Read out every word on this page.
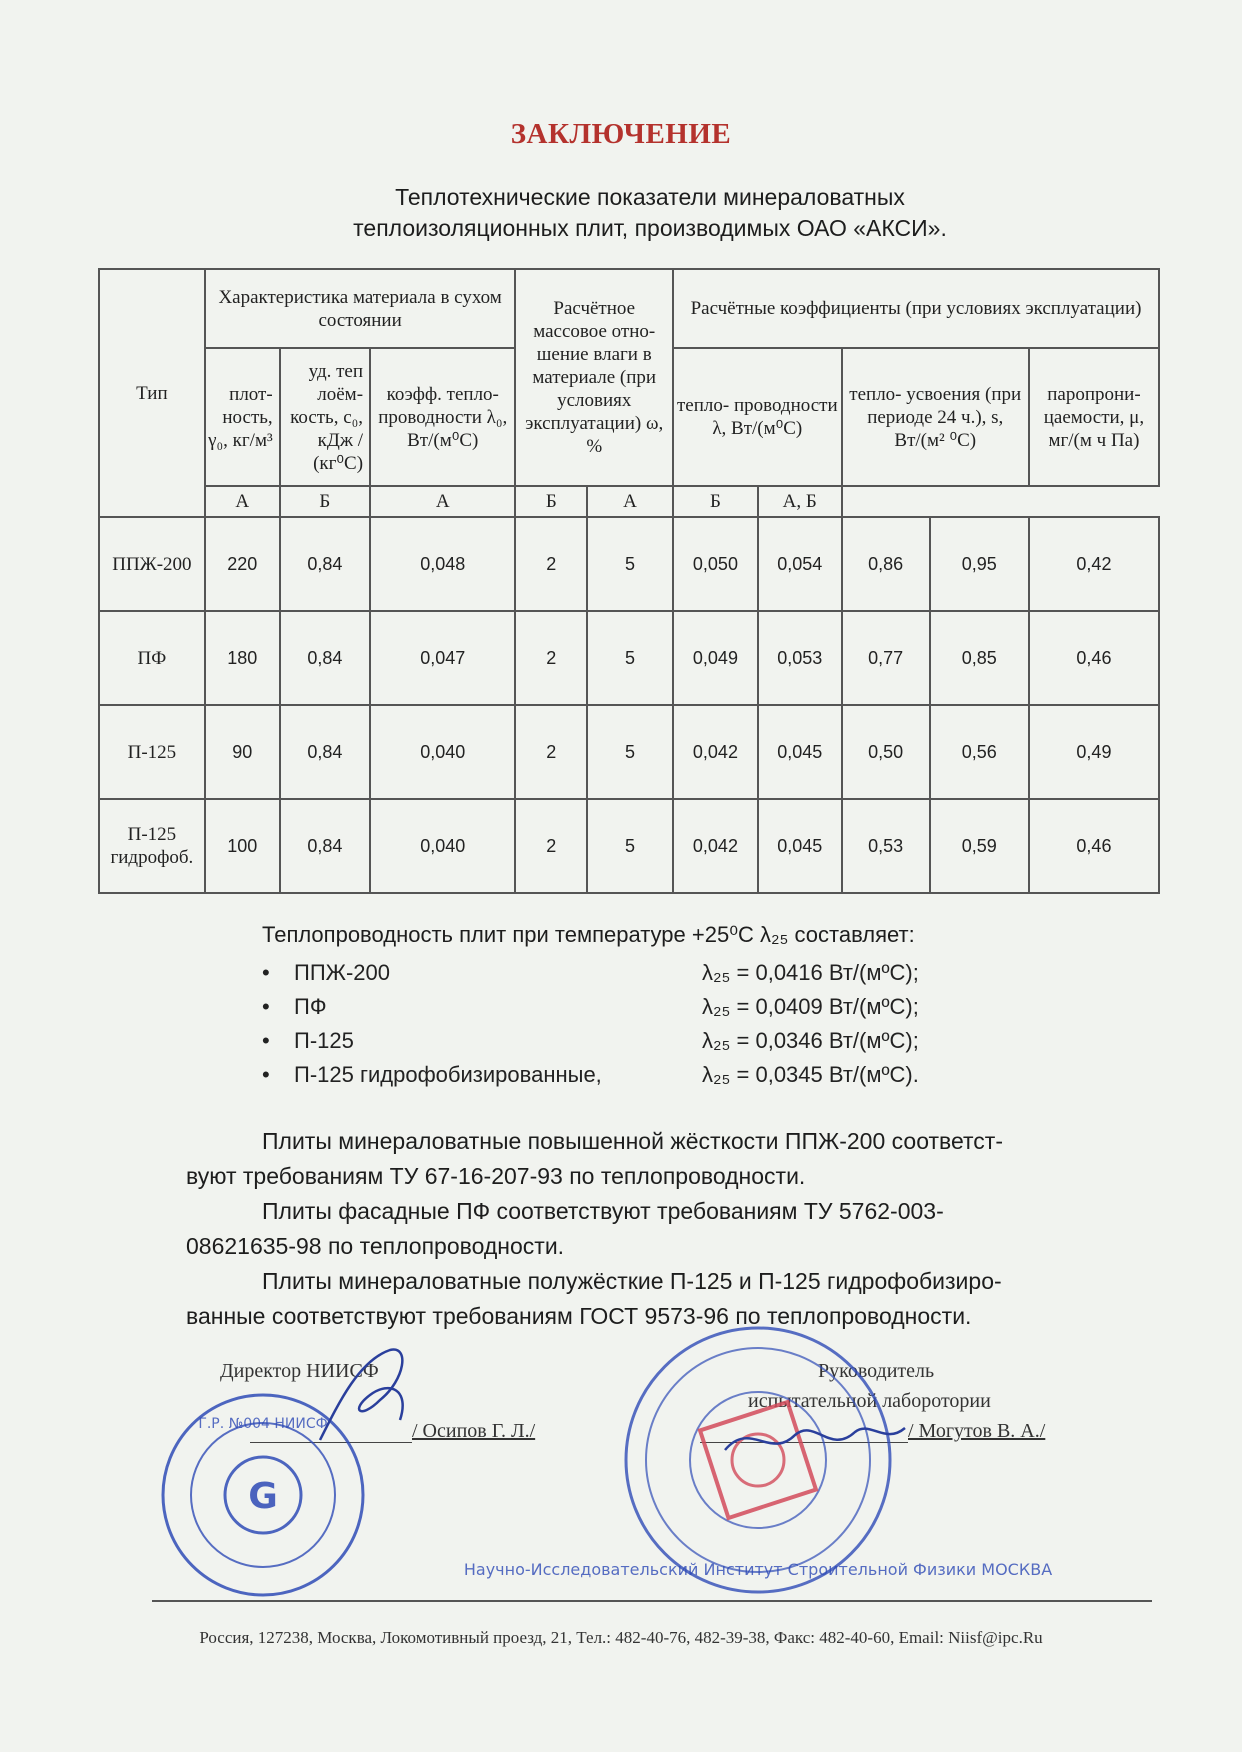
ЗАКЛЮЧЕНИЕ
Теплотехнические показатели минераловатных
теплоизоляционных плит, производимых ОАО «АКСИ».
Тип	Характеристика материала в сухом состоянии			Расчётное массовое отно- шение влаги в материале (при условиях эксплуатации) ω, %		Расчётные коэффициенты (при условиях эксплуатации)				
	плот- ность, γ₀, кг/м³	уд. теп лоём- кость, c₀, кДж / (кг⁰С)	коэфф. тепло- проводности λ₀, Вт/(м⁰С)			тепло- проводности λ, Вт/(м⁰С)		тепло- усвоения (при периоде 24 ч.), s, Вт/(м² ⁰С)		паропрони- цаемости, μ, мг/(м ч Па)
	А	Б	А	Б	А	Б	А, Б			
ППЖ-200	220	0,84	0,048	2	5	0,050	0,054	0,86	0,95	0,42
ПФ	180	0,84	0,047	2	5	0,049	0,053	0,77	0,85	0,46
П-125	90	0,84	0,040	2	5	0,042	0,045	0,50	0,56	0,49
П-125 гидрофоб.	100	0,84	0,040	2	5	0,042	0,045	0,53	0,59	0,46
Теплопроводность плит при температуре +25⁰С λ₂₅ составляет:
• ППЖ-200	λ₂₅ = 0,0416 Вт/(мºС);
• ПФ	λ₂₅ = 0,0409 Вт/(мºС);
• П-125	λ₂₅ = 0,0346 Вт/(мºС);
• П-125 гидрофобизированные,	λ₂₅ = 0,0345 Вт/(мºС).
Плиты минераловатные повышенной жёсткости ППЖ-200 соответст-
вуют требованиям ТУ 67-16-207-93 по теплопроводности.
Плиты фасадные ПФ соответствуют требованиям ТУ 5762-003-
08621635-98 по теплопроводности.
Плиты минераловатные полужёсткие П-125 и П-125 гидрофобизиро-
ванные соответствуют требованиям ГОСТ 9573-96 по теплопроводности.
Директор НИИСФ
/ Осипов Г. Л./
Руководитель
испытательной лаборотории
/ Могутов В. А./
G
Г.Р. №004 НИИСФ
Научно-Исследовательский Институт Строительной Физики МОСКВА
Россия, 127238, Москва, Локомотивный проезд, 21, Тел.: 482-40-76, 482-39-38, Факс: 482-40-60, Email: Niisf@ipc.Ru
